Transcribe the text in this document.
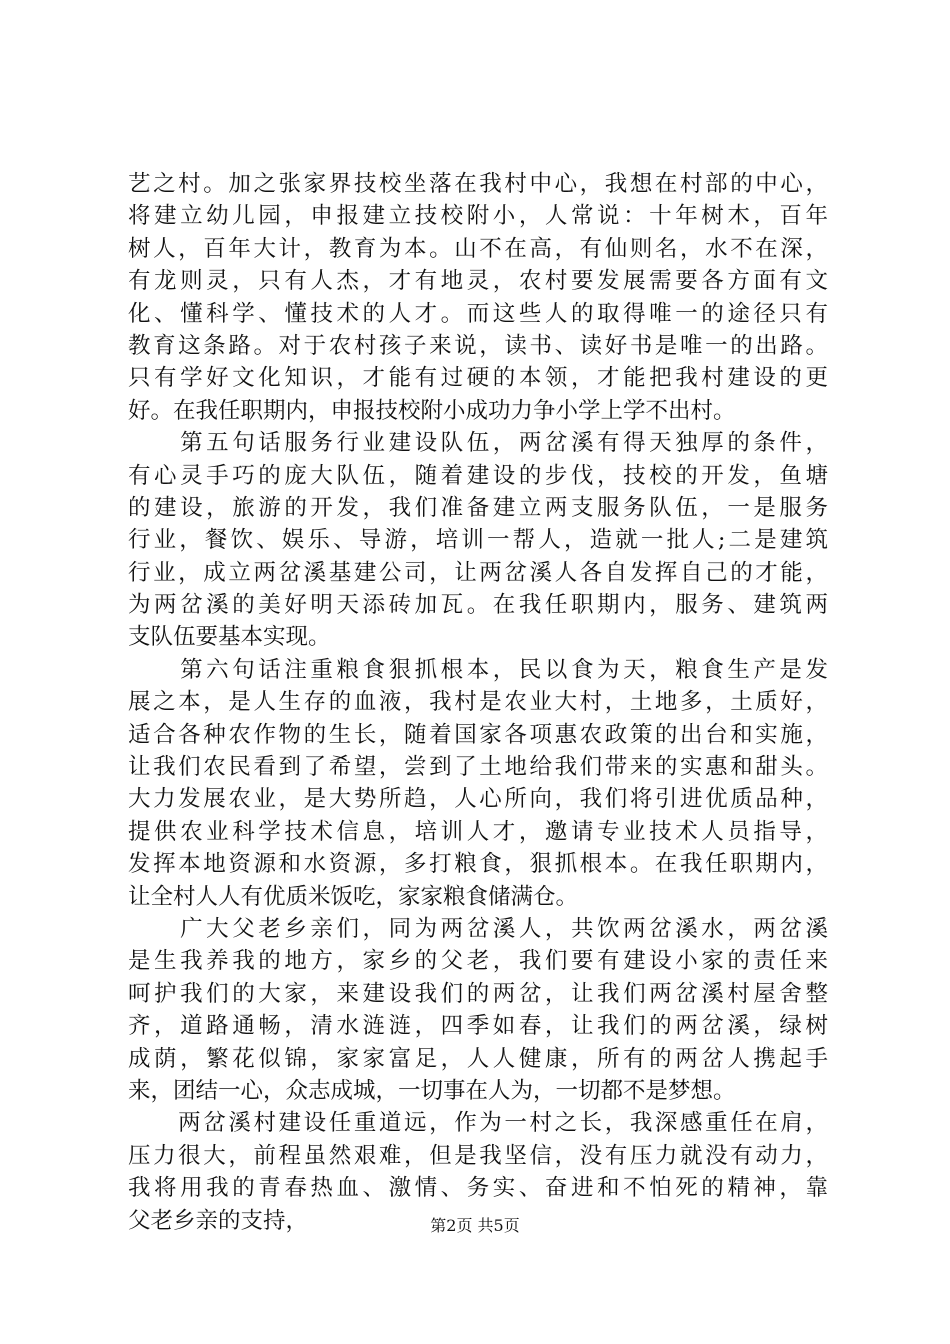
艺之村。加之张家界技校坐落在我村中心，我想在村部的中心，
将建立幼儿园，申报建立技校附小，人常说：十年树木，百年
树人，百年大计，教育为本。山不在高，有仙则名，水不在深，
有龙则灵，只有人杰，才有地灵，农村要发展需要各方面有文
化、懂科学、懂技术的人才。而这些人的取得唯一的途径只有
教育这条路。对于农村孩子来说，读书、读好书是唯一的出路。
只有学好文化知识，才能有过硬的本领，才能把我村建设的更
好。在我任职期内，申报技校附小成功力争小学上学不出村。
　　第五句话服务行业建设队伍，两岔溪有得天独厚的条件，
有心灵手巧的庞大队伍，随着建设的步伐，技校的开发，鱼塘
的建设，旅游的开发，我们准备建立两支服务队伍，一是服务
行业，餐饮、娱乐、导游，培训一帮人，造就一批人;二是建筑
行业，成立两岔溪基建公司，让两岔溪人各自发挥自己的才能，
为两岔溪的美好明天添砖加瓦。在我任职期内，服务、建筑两
支队伍要基本实现。
　　第六句话注重粮食狠抓根本，民以食为天，粮食生产是发
展之本，是人生存的血液，我村是农业大村，土地多，土质好，
适合各种农作物的生长，随着国家各项惠农政策的出台和实施，
让我们农民看到了希望，尝到了土地给我们带来的实惠和甜头。
大力发展农业，是大势所趋，人心所向，我们将引进优质品种，
提供农业科学技术信息，培训人才，邀请专业技术人员指导，
发挥本地资源和水资源，多打粮食，狠抓根本。在我任职期内，
让全村人人有优质米饭吃，家家粮食储满仓。
　　广大父老乡亲们，同为两岔溪人，共饮两岔溪水，两岔溪
是生我养我的地方，家乡的父老，我们要有建设小家的责任来
呵护我们的大家，来建设我们的两岔，让我们两岔溪村屋舍整
齐，道路通畅，清水涟涟，四季如春，让我们的两岔溪，绿树
成荫，繁花似锦，家家富足，人人健康，所有的两岔人携起手
来，团结一心，众志成城，一切事在人为，一切都不是梦想。
　　两岔溪村建设任重道远，作为一村之长，我深感重任在肩，
压力很大，前程虽然艰难，但是我坚信，没有压力就没有动力，
我将用我的青春热血、激情、务实、奋进和不怕死的精神，靠
父老乡亲的支持，	第2页 共5页
